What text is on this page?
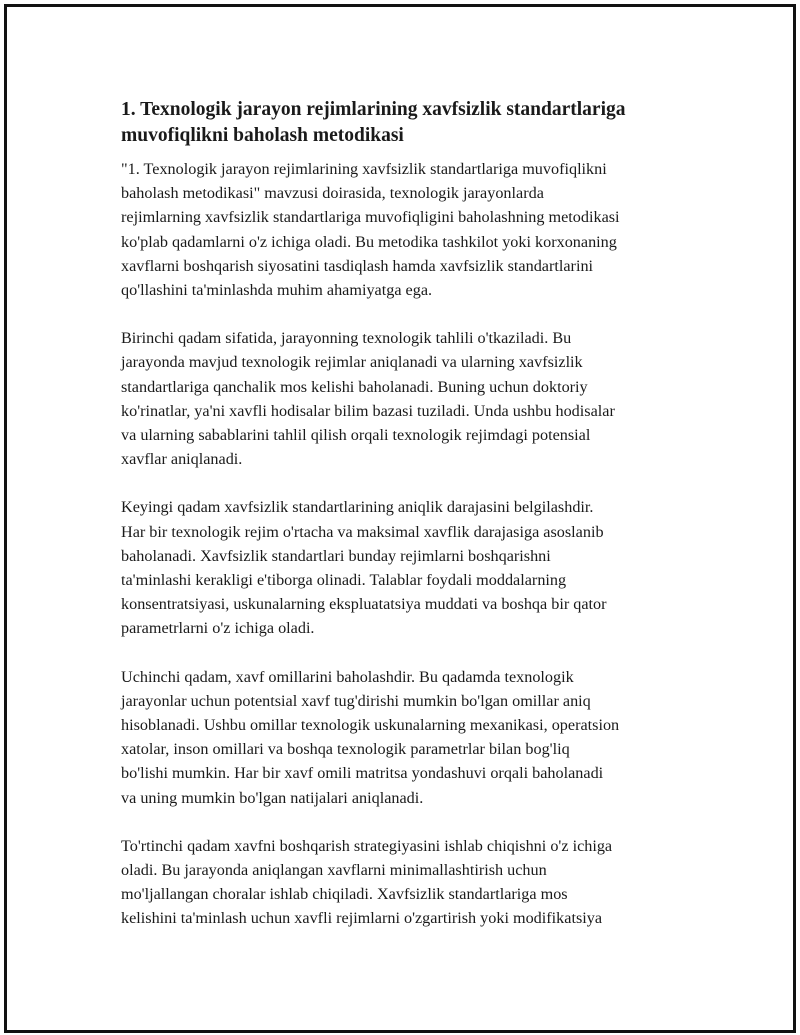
1. Texnologik jarayon rejimlarining xavfsizlik standartlariga
muvofiqlikni baholash metodikasi

"1. Texnologik jarayon rejimlarining xavfsizlik standartlariga muvofiqlikni
baholash metodikasi" mavzusi doirasida, texnologik jarayonlarda
rejimlarning xavfsizlik standartlariga muvofiqligini baholashning metodikasi
ko'plab qadamlarni o'z ichiga oladi. Bu metodika tashkilot yoki korxonaning
xavflarni boshqarish siyosatini tasdiqlash hamda xavfsizlik standartlarini
qo'llashini ta'minlashda muhim ahamiyatga ega.

Birinchi qadam sifatida, jarayonning texnologik tahlili o'tkaziladi. Bu
jarayonda mavjud texnologik rejimlar aniqlanadi va ularning xavfsizlik
standartlariga qanchalik mos kelishi baholanadi. Buning uchun doktoriy
ko'rinatlar, ya'ni xavfli hodisalar bilim bazasi tuziladi. Unda ushbu hodisalar
va ularning sabablarini tahlil qilish orqali texnologik rejimdagi potensial
xavflar aniqlanadi.

Keyingi qadam xavfsizlik standartlarining aniqlik darajasini belgilashdir.
Har bir texnologik rejim o'rtacha va maksimal xavflik darajasiga asoslanib
baholanadi. Xavfsizlik standartlari bunday rejimlarni boshqarishni
ta'minlashi kerakligi e'tiborga olinadi. Talablar foydali moddalarning
konsentratsiyasi, uskunalarning ekspluatatsiya muddati va boshqa bir qator
parametrlarni o'z ichiga oladi.

Uchinchi qadam, xavf omillarini baholashdir. Bu qadamda texnologik
jarayonlar uchun potentsial xavf tug'dirishi mumkin bo'lgan omillar aniq
hisoblanadi. Ushbu omillar texnologik uskunalarning mexanikasi, operatsion
xatolar, inson omillari va boshqa texnologik parametrlar bilan bog'liq
bo'lishi mumkin. Har bir xavf omili matritsa yondashuvi orqali baholanadi
va uning mumkin bo'lgan natijalari aniqlanadi.

To'rtinchi qadam xavfni boshqarish strategiyasini ishlab chiqishni o'z ichiga
oladi. Bu jarayonda aniqlangan xavflarni minimallashtirish uchun
mo'ljallangan choralar ishlab chiqiladi. Xavfsizlik standartlariga mos
kelishini ta'minlash uchun xavfli rejimlarni o'zgartirish yoki modifikatsiya
